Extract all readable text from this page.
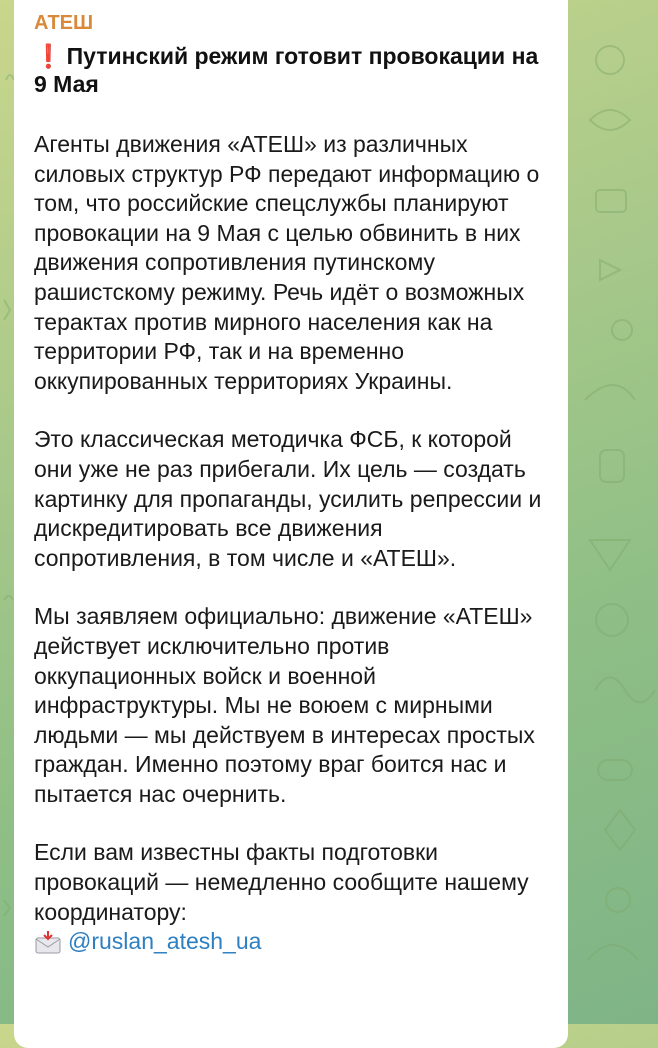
АТЕШ
❗ Путинский режим готовит провокации на 9 Мая

Агенты движения «АТЕШ» из различных силовых структур РФ передают информацию о том, что российские спецслужбы планируют провокации на 9 Мая с целью обвинить в них движения сопротивления путинскому рашистскому режиму. Речь идёт о возможных терактах против мирного населения как на территории РФ, так и на временно оккупированных территориях Украины.

Это классическая методичка ФСБ, к которой они уже не раз прибегали. Их цель — создать картинку для пропаганды, усилить репрессии и дискредитировать все движения сопротивления, в том числе и «АТЕШ».

Мы заявляем официально: движение «АТЕШ» действует исключительно против оккупационных войск и военной инфраструктуры. Мы не воюем с мирными людьми — мы действуем в интересах простых граждан. Именно поэтому враг боится нас и пытается нас очернить.

Если вам известны факты подготовки провокаций — немедленно сообщите нашему координатору:

@ruslan_atesh_ua
